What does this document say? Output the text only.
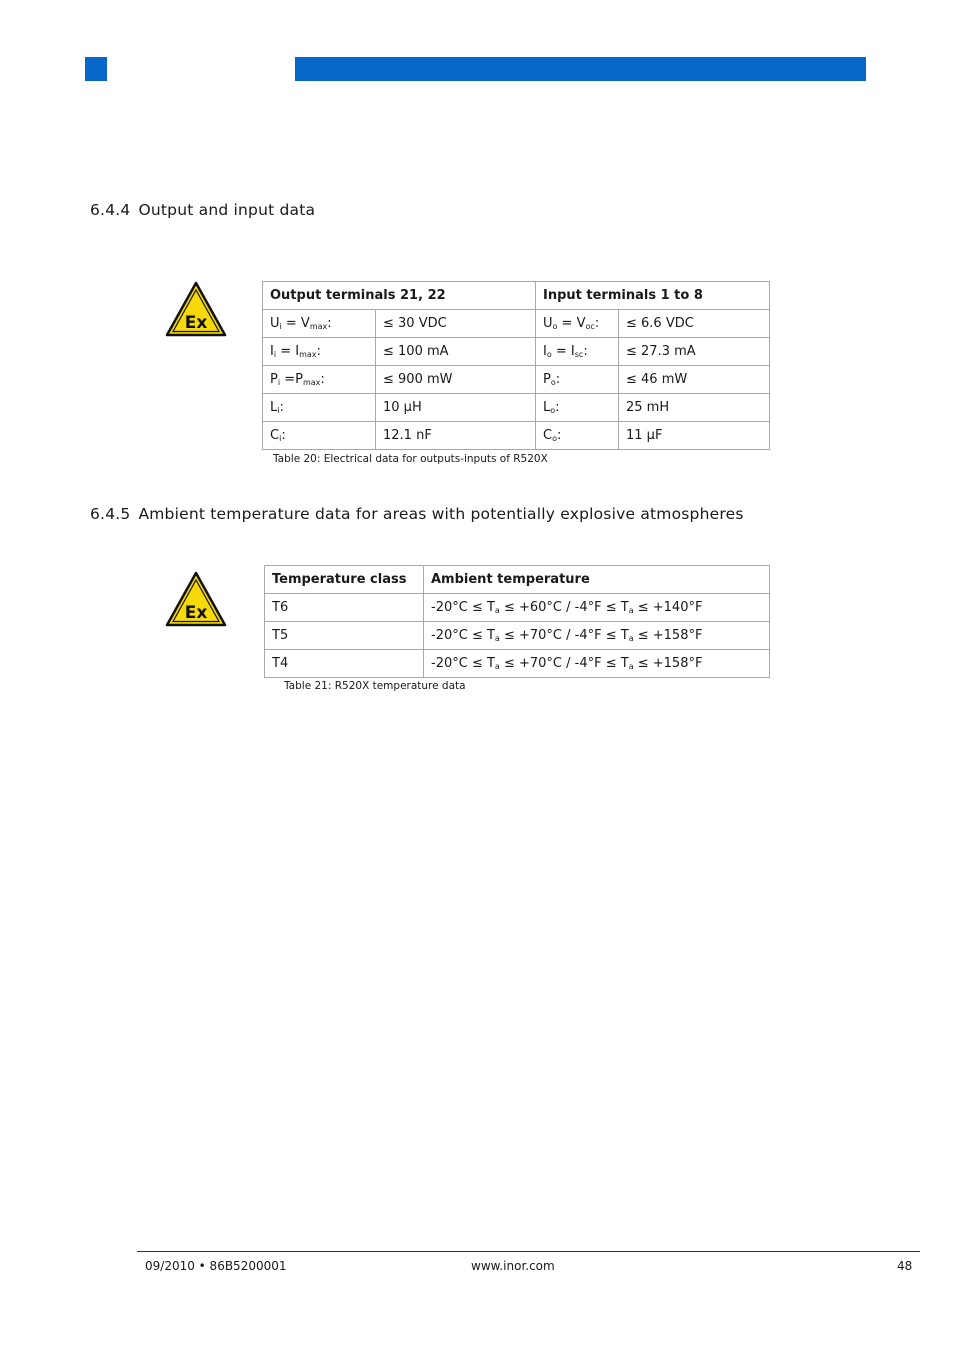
6.4.4 Output and input data
Ex
Output terminals 21, 22		Input terminals 1 to 8	
$U_i = V_{max}$:	≤ 30 VDC	$U_o = V_{oc}$:	≤ 6.6 VDC
$I_i = I_{max}$:	≤ 100 mA	$I_o = I_{sc}$:	≤ 27.3 mA
$P_i =P_{max}$:	≤ 900 mW	$P_o$:	≤ 46 mW
$L_i$:	10 µH	$L_o$:	25 mH
$C_i$:	12.1 nF	$C_o$:	11 µF
Table 20: Electrical data for outputs-inputs of R520X
6.4.5 Ambient temperature data for areas with potentially explosive atmospheres
Ex
Temperature class	Ambient temperature
T6	$-20^\circ C \le T_a \le +60^\circ C / -4^\circ F \le T_a \le +140^\circ F$
T5	$-20^\circ C \le T_a \le +70^\circ C / -4^\circ F \le T_a \le +158^\circ F$
T4	$-20^\circ C \le T_a \le +70^\circ C / -4^\circ F \le T_a \le +158^\circ F$
Table 21: R520X temperature data
09/2010 • 86B5200001	www.inor.com	48
